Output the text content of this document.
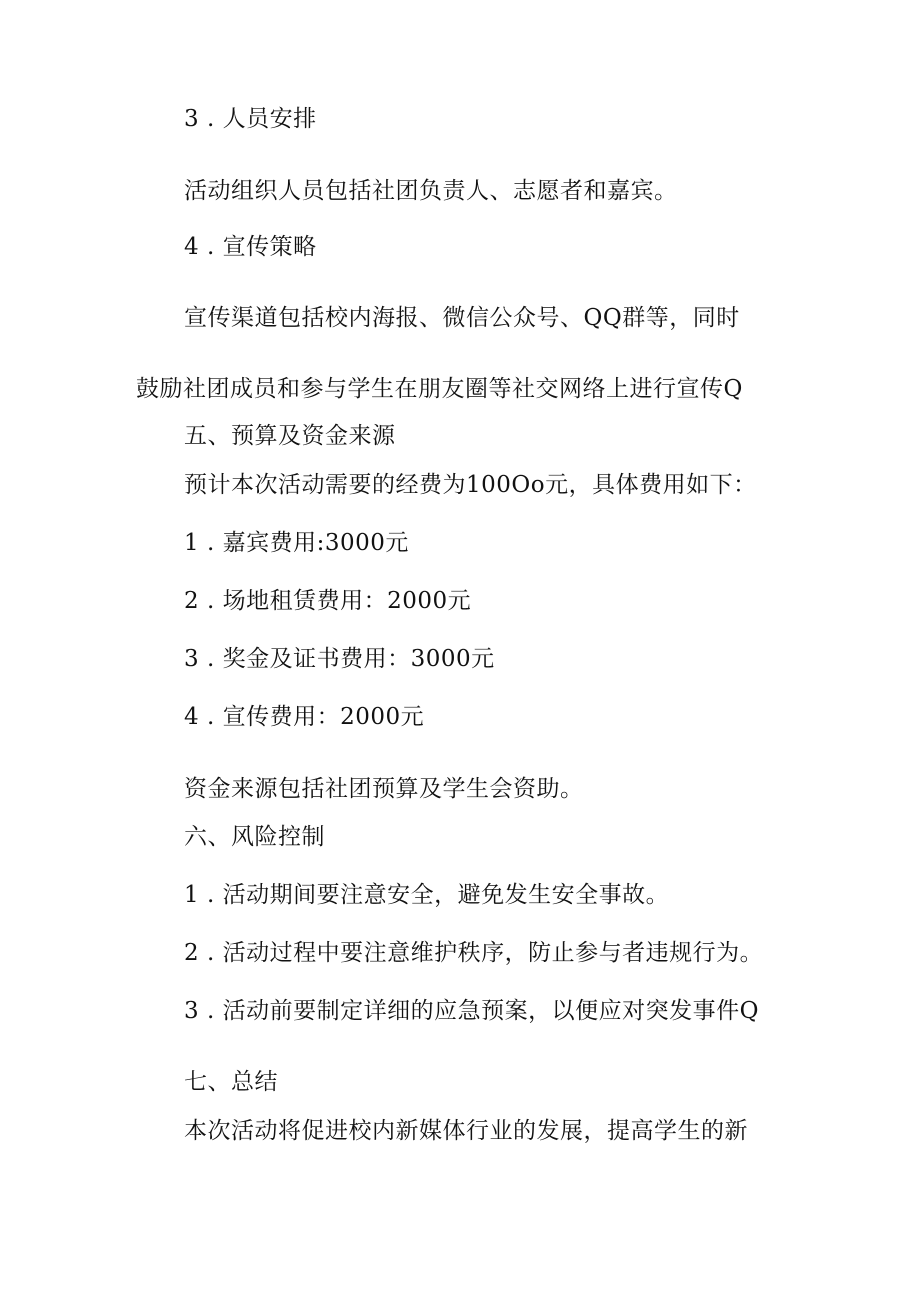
3 . 人员安排
活动组织人员包括社团负责人、志愿者和嘉宾。
4 . 宣传策略
宣传渠道包括校内海报、微信公众号、QQ群等，同时
鼓励社团成员和参与学生在朋友圈等社交网络上进行宣传Q
五、预算及资金来源
预计本次活动需要的经费为100Oo元，具体费用如下：
1 . 嘉宾费用:3000元
2 . 场地租赁费用：2000元
3 . 奖金及证书费用：3000元
4 . 宣传费用：2000元
资金来源包括社团预算及学生会资助。
六、风险控制
1 . 活动期间要注意安全，避免发生安全事故。
2 . 活动过程中要注意维护秩序，防止参与者违规行为。
3 . 活动前要制定详细的应急预案，以便应对突发事件Q
七、总结
本次活动将促进校内新媒体行业的发展，提高学生的新
